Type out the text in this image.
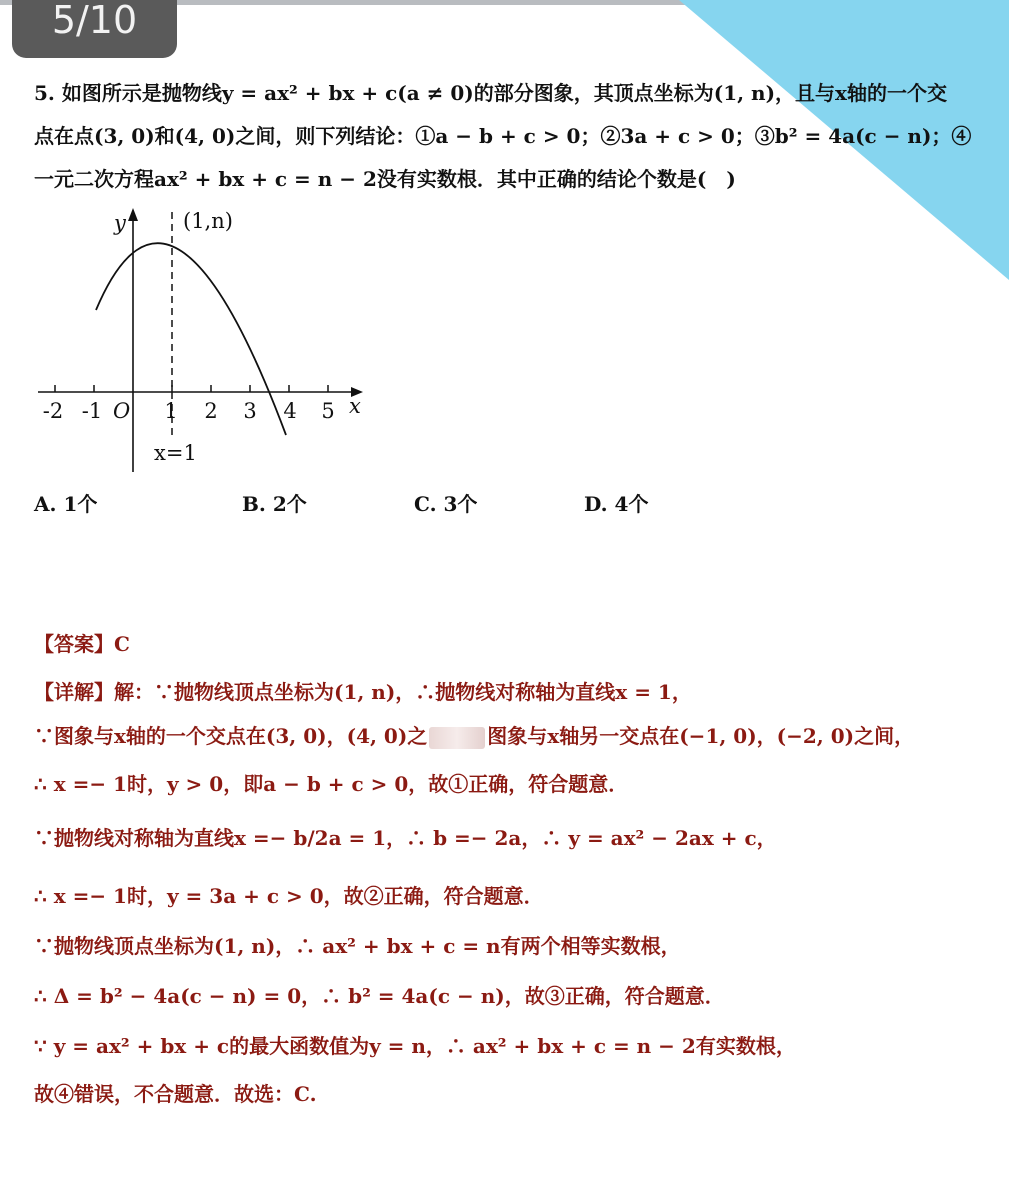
5/10
5. 如图所示是抛物线y = ax² + bx + c(a ≠ 0)的部分图象，其顶点坐标为(1, n)，且与x轴的一个交
点在点(3, 0)和(4, 0)之间，则下列结论：①a − b + c > 0；②3a + c > 0；③b² = 4a(c − n)；④
一元二次方程ax² + bx + c = n − 2没有实数根．其中正确的结论个数是(　)
-2 -1	1 2 3 4 5
O
y
x
(1,n)
x=1
A. 1个	B. 2个	C. 3个	D. 4个
【答案】C
【详解】解：∵抛物线顶点坐标为(1, n)，∴抛物线对称轴为直线x = 1，
∵图象与x轴的一个交点在(3, 0)，(4, 0)之	图象与x轴另一交点在(−1, 0)，(−2, 0)之间，
∴ x =− 1时，y > 0，即a − b + c > 0，故①正确，符合题意．
∵抛物线对称轴为直线x =− b/2a = 1，∴ b =− 2a，∴ y = ax² − 2ax + c，
∴ x =− 1时，y = 3a + c > 0，故②正确，符合题意．
∵抛物线顶点坐标为(1, n)，∴ ax² + bx + c = n有两个相等实数根，
∴ Δ = b² − 4a(c − n) = 0，∴ b² = 4a(c − n)，故③正确，符合题意．
∵ y = ax² + bx + c的最大函数值为y = n，∴ ax² + bx + c = n − 2有实数根，
故④错误，不合题意．故选：C.
